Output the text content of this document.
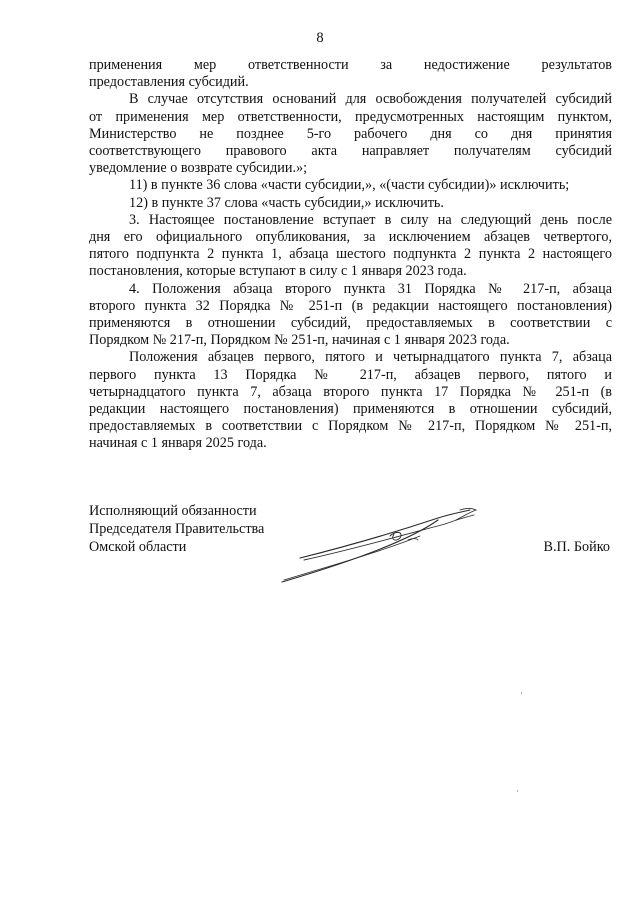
8

применения мер ответственности за недостижение результатов

предоставления субсидий.

В случае отсутствия оснований для освобождения получателей субсидий

от применения мер ответственности, предусмотренных настоящим пунктом,

Министерство не позднее 5-го рабочего дня со дня принятия

соответствующего правового акта направляет получателям субсидий

уведомление о возврате субсидии.»;

11) в пункте 36 слова «части субсидии,», «(части субсидии)» исключить;

12) в пункте 37 слова «часть субсидии,» исключить.

3. Настоящее постановление вступает в силу на следующий день после

дня его официального опубликования, за исключением абзацев четвертого,

пятого подпункта 2 пункта 1, абзаца шестого подпункта 2 пункта 2 настоящего

постановления, которые вступают в силу с 1 января 2023 года.

4. Положения абзаца второго пункта 31 Порядка № 217-п, абзаца

второго пункта 32 Порядка № 251-п (в редакции настоящего постановления)

применяются в отношении субсидий, предоставляемых в соответствии с

Порядком № 217-п, Порядком № 251-п, начиная с 1 января 2023 года.

Положения абзацев первого, пятого и четырнадцатого пункта 7, абзаца

первого пункта 13 Порядка № 217-п, абзацев первого, пятого и

четырнадцатого пункта 7, абзаца второго пункта 17 Порядка № 251-п (в

редакции настоящего постановления) применяются в отношении субсидий,

предоставляемых в соответствии с Порядком № 217-п, Порядком № 251-п,

начиная с 1 января 2025 года.

Исполняющий обязанности
Председателя Правительства
Омской области	В.П. Бойко
